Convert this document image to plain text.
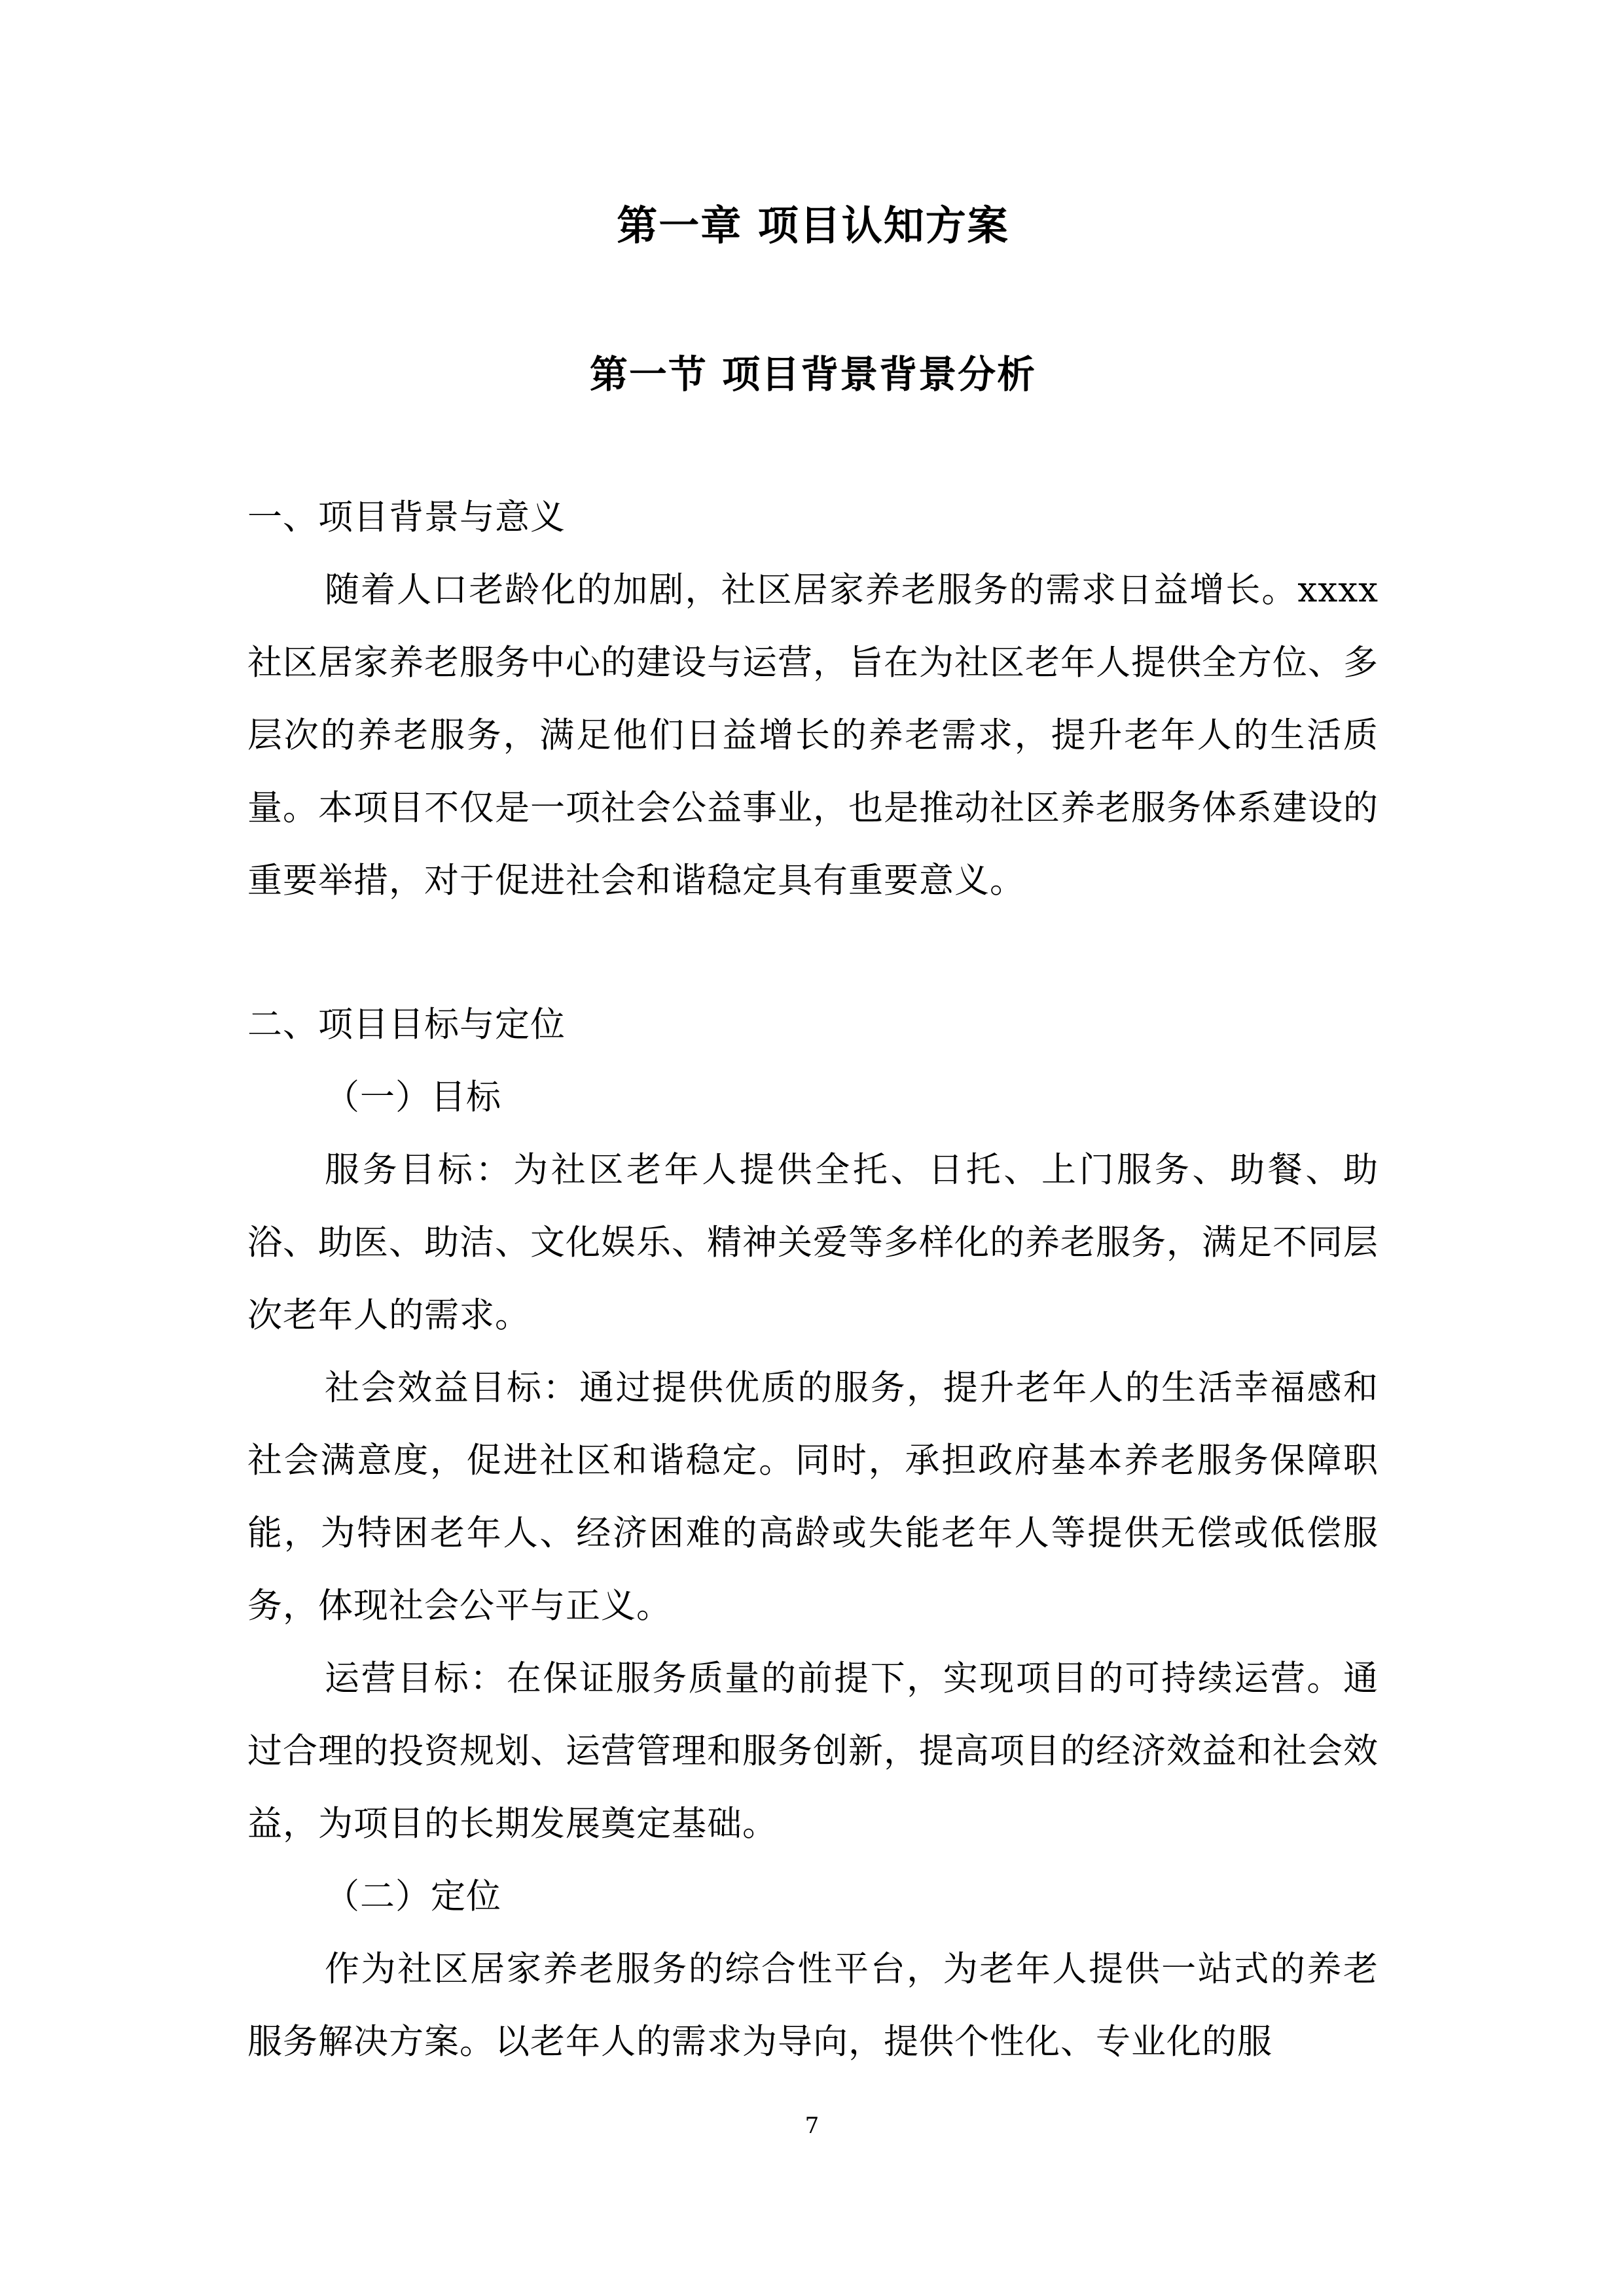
第一章 项目认知方案
第一节 项目背景背景分析
一、项目背景与意义

随着人口老龄化的加剧，社区居家养老服务的需求日益增长。xxxx 社区居家养老服务中心的建设与运营，旨在为社区老年人提供全方位、多层次的养老服务，满足他们日益增长的养老需求，提升老年人的生活质量。本项目不仅是一项社会公益事业，也是推动社区养老服务体系建设的重要举措，对于促进社会和谐稳定具有重要意义。

二、项目目标与定位
（一）目标

服务目标：为社区老年人提供全托、日托、上门服务、助餐、助浴、助医、助洁、文化娱乐、精神关爱等多样化的养老服务，满足不同层次老年人的需求。

社会效益目标：通过提供优质的服务，提升老年人的生活幸福感和社会满意度，促进社区和谐稳定。同时，承担政府基本养老服务保障职能，为特困老年人、经济困难的高龄或失能老年人等提供无偿或低偿服务，体现社会公平与正义。

运营目标：在保证服务质量的前提下，实现项目的可持续运营。通过合理的投资规划、运营管理和服务创新，提高项目的经济效益和社会效益，为项目的长期发展奠定基础。

（二）定位

作为社区居家养老服务的综合性平台，为老年人提供一站式的养老服务解决方案。以老年人的需求为导向，提供个性化、专业化的服

7
